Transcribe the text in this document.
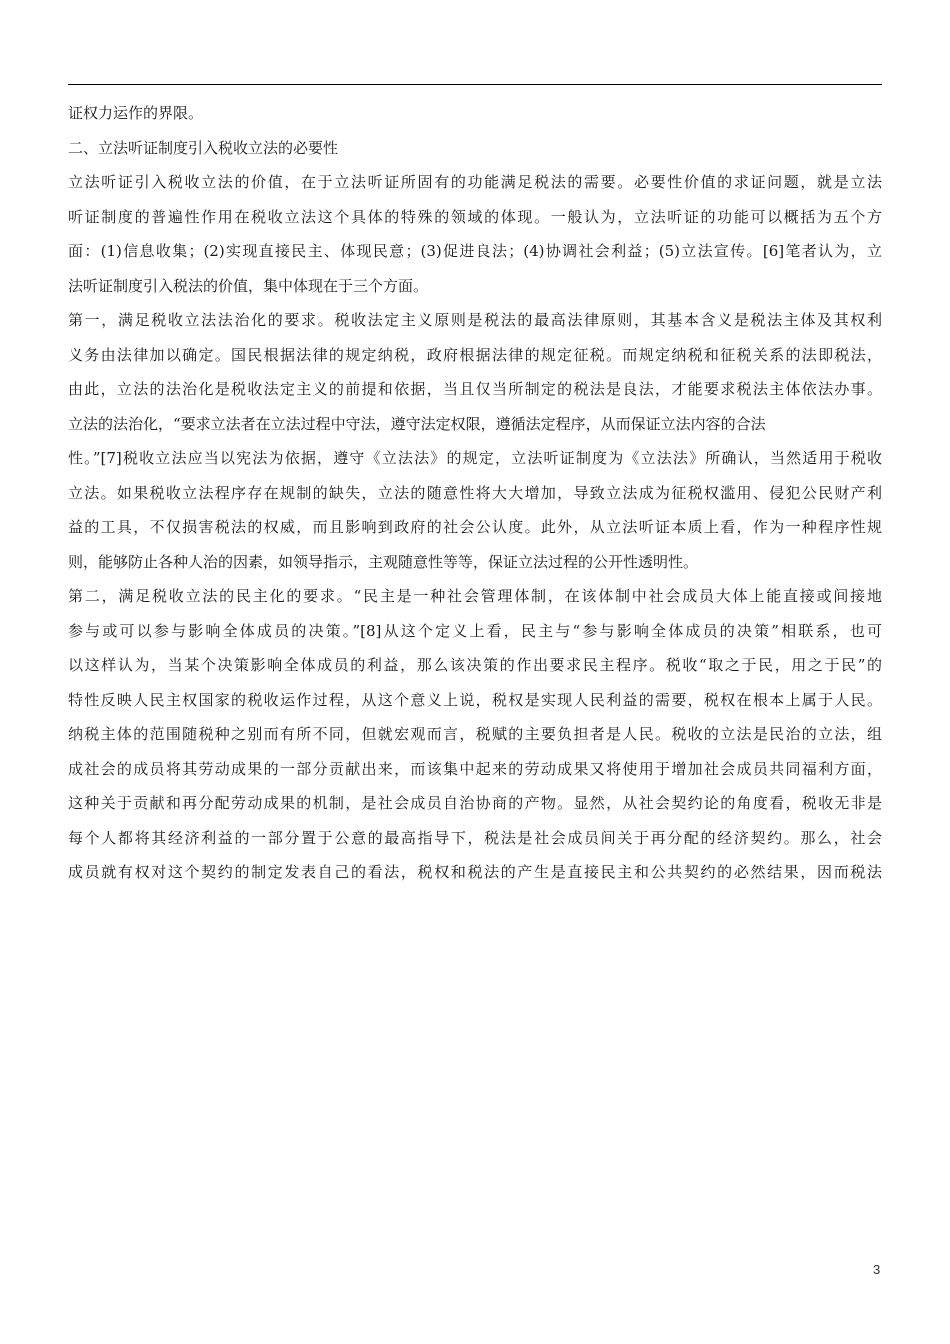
证权力运作的界限。
二、立法听证制度引入税收立法的必要性
立法听证引入税收立法的价值，在于立法听证所固有的功能满足税法的需要。必要性价值的求证问题，就是立法
听证制度的普遍性作用在税收立法这个具体的特殊的领域的体现。一般认为，立法听证的功能可以概括为五个方
面：(1)信息收集；(2)实现直接民主、体现民意；(3)促进良法；(4)协调社会利益；(5)立法宣传。[6]笔者认为，立
法听证制度引入税法的价值，集中体现在于三个方面。
第一，满足税收立法法治化的要求。税收法定主义原则是税法的最高法律原则，其基本含义是税法主体及其权利
义务由法律加以确定。国民根据法律的规定纳税，政府根据法律的规定征税。而规定纳税和征税关系的法即税法，
由此，立法的法治化是税收法定主义的前提和依据，当且仅当所制定的税法是良法，才能要求税法主体依法办事。
立法的法治化，“要求立法者在立法过程中守法，遵守法定权限，遵循法定程序，从而保证立法内容的合法
性。”[7]税收立法应当以宪法为依据，遵守《立法法》的规定，立法听证制度为《立法法》所确认，当然适用于税收
立法。如果税收立法程序存在规制的缺失，立法的随意性将大大增加，导致立法成为征税权滥用、侵犯公民财产利
益的工具，不仅损害税法的权威，而且影响到政府的社会公认度。此外，从立法听证本质上看，作为一种程序性规
则，能够防止各种人治的因素，如领导指示，主观随意性等等，保证立法过程的公开性透明性。
第二，满足税收立法的民主化的要求。“民主是一种社会管理体制，在该体制中社会成员大体上能直接或间接地
参与或可以参与影响全体成员的决策。”[8]从这个定义上看，民主与“参与影响全体成员的决策”相联系，也可
以这样认为，当某个决策影响全体成员的利益，那么该决策的作出要求民主程序。税收“取之于民，用之于民”的
特性反映人民主权国家的税收运作过程，从这个意义上说，税权是实现人民利益的需要，税权在根本上属于人民。
纳税主体的范围随税种之别而有所不同，但就宏观而言，税赋的主要负担者是人民。税收的立法是民治的立法，组
成社会的成员将其劳动成果的一部分贡献出来，而该集中起来的劳动成果又将使用于增加社会成员共同福利方面，
这种关于贡献和再分配劳动成果的机制，是社会成员自治协商的产物。显然，从社会契约论的角度看，税收无非是
每个人都将其经济利益的一部分置于公意的最高指导下，税法是社会成员间关于再分配的经济契约。那么，社会
成员就有权对这个契约的制定发表自己的看法，税权和税法的产生是直接民主和公共契约的必然结果，因而税法
3
